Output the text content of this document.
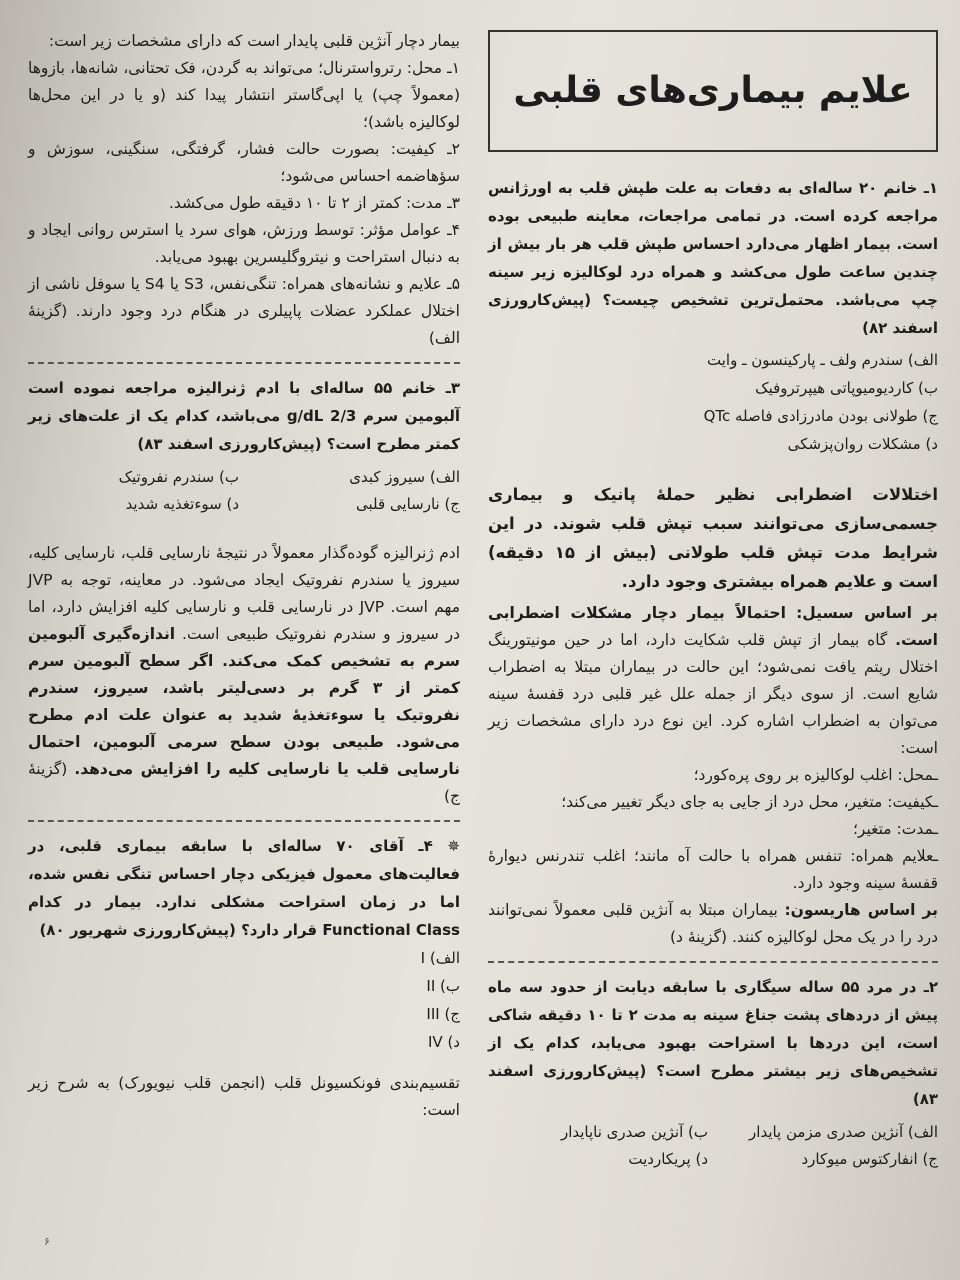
علایم بیماری‌های قلبی

۱ـ خانم ۲۰ ساله‌ای به دفعات به علت طپش قلب به اورژانس مراجعه کرده است. در تمامی مراجعات، معاینه طبیعی بوده است. بیمار اظهار می‌دارد احساس طپش قلب هر بار بیش از چندین ساعت طول می‌کشد و همراه درد لوکالیزه زیر سینه چپ می‌باشد. محتمل‌ترین تشخیص چیست؟ (پیش‌کارورزی اسفند ۸۲)

الف) سندرم ولف ـ پارکینسون ـ وایت
ب) کاردیومیوپاتی هیپرتروفیک
ج) طولانی بودن مادرزادی فاصله QTc
د) مشکلات روان‌پزشکی

اختلالات اضطرابی نظیر حملهٔ پانیک و بیماری جسمی‌سازی می‌توانند سبب تپش قلب شوند. در این شرایط مدت تپش قلب طولانی (بیش از ۱۵ دقیقه) است و علایم همراه بیشتری وجود دارد.

بر اساس سسیل: احتمالاً بیمار دچار مشکلات اضطرابی است. گاه بیمار از تپش قلب شکایت دارد، اما در حین مونیتورینگ اختلال ریتم یافت نمی‌شود؛ این حالت در بیماران مبتلا به اضطراب شایع است. از سوی دیگر از جمله علل غیر قلبی درد قفسهٔ سینه می‌توان به اضطراب اشاره کرد. این نوع درد دارای مشخصات زیر است:

ـمحل: اغلب لوکالیزه بر روی پره‌کورد؛
ـکیفیت: متغیر، محل درد از جایی به جای دیگر تغییر می‌کند؛
ـمدت: متغیر؛
ـعلایم همراه: تنفس همراه با حالت آه مانند؛ اغلب تندرنس دیوارهٔ قفسهٔ سینه وجود دارد.

بر اساس هاریسون: بیماران مبتلا به آنژین قلبی معمولاً نمی‌توانند درد را در یک محل لوکالیزه کنند. (گزینهٔ د)

۲ـ در مرد ۵۵ ساله سیگاری با سابقه دیابت از حدود سه ماه پیش از دردهای پشت جناغ سینه به مدت ۲ تا ۱۰ دقیقه شاکی است، این دردها با استراحت بهبود می‌یابد، کدام یک از تشخیص‌های زیر بیشتر مطرح است؟ (پیش‌کارورزی اسفند ۸۳)

الف) آنژین صدری مزمن پایدار
ب) آنژین صدری ناپایدار
ج) انفارکتوس میوکارد
د) پریکاردیت

بیمار دچار آنژین قلبی پایدار است که دارای مشخصات زیر است:

۱ـ محل: رترواسترنال؛ می‌تواند به گردن، فک تحتانی، شانه‌ها، بازوها (معمولاً چپ) یا اپی‌گاستر انتشار پیدا کند (و یا در این محل‌ها لوکالیزه باشد)؛

۲ـ کیفیت: بصورت حالت فشار، گرفتگی، سنگینی، سوزش و سؤهاضمه احساس می‌شود؛

۳ـ مدت: کمتر از ۲ تا ۱۰ دقیقه طول می‌کشد.

۴ـ عوامل مؤثر: توسط ورزش، هوای سرد یا استرس روانی ایجاد و به دنبال استراحت و نیتروگلیسرین بهبود می‌یابد.

۵ـ علایم و نشانه‌های همراه: تنگی‌نفس، S3 یا S4 یا سوفل ناشی از اختلال عملکرد عضلات پاپیلری در هنگام درد وجود دارند. (گزینهٔ الف)

۳ـ خانم ۵۵ ساله‌ای با ادم ژنرالیزه مراجعه نموده است آلبومین سرم 2/3 g/dL می‌باشد، کدام یک از علت‌های زیر کمتر مطرح است؟ (پیش‌کارورزی اسفند ۸۳)

الف) سیروز کبدی
ب) سندرم نفروتیک
ج) نارسایی قلبی
د) سوءتغذیه شدید

ادم ژنرالیزه گوده‌گذار معمولاً در نتیجهٔ نارسایی قلب، نارسایی کلیه، سیروز یا سندرم نفروتیک ایجاد می‌شود. در معاینه، توجه به JVP مهم است. JVP در نارسایی قلب و نارسایی کلیه افزایش دارد، اما در سیروز و سندرم نفروتیک طبیعی است. اندازه‌گیری آلبومین سرم به تشخیص کمک می‌کند. اگر سطح آلبومین سرم کمتر از ۳ گرم بر دسی‌لیتر باشد، سیروز، سندرم نفروتیک یا سوءتغذیهٔ شدید به عنوان علت ادم مطرح می‌شود. طبیعی بودن سطح سرمی آلبومین، احتمال نارسایی قلب یا نارسایی کلیه را افزایش می‌دهد. (گزینهٔ ج)

✵ ۴ـ آقای ۷۰ ساله‌ای با سابقه بیماری قلبی، در فعالیت‌های معمول فیزیکی دچار احساس تنگی نفس شده، اما در زمان استراحت مشکلی ندارد. بیمار در کدام Functional Class قرار دارد؟ (پیش‌کارورزی شهریور ۸۰)

الف) I
ب) II
ج) III
د) IV

تقسیم‌بندی فونکسیونل قلب (انجمن قلب نیویورک) به شرح زیر است:

۶
